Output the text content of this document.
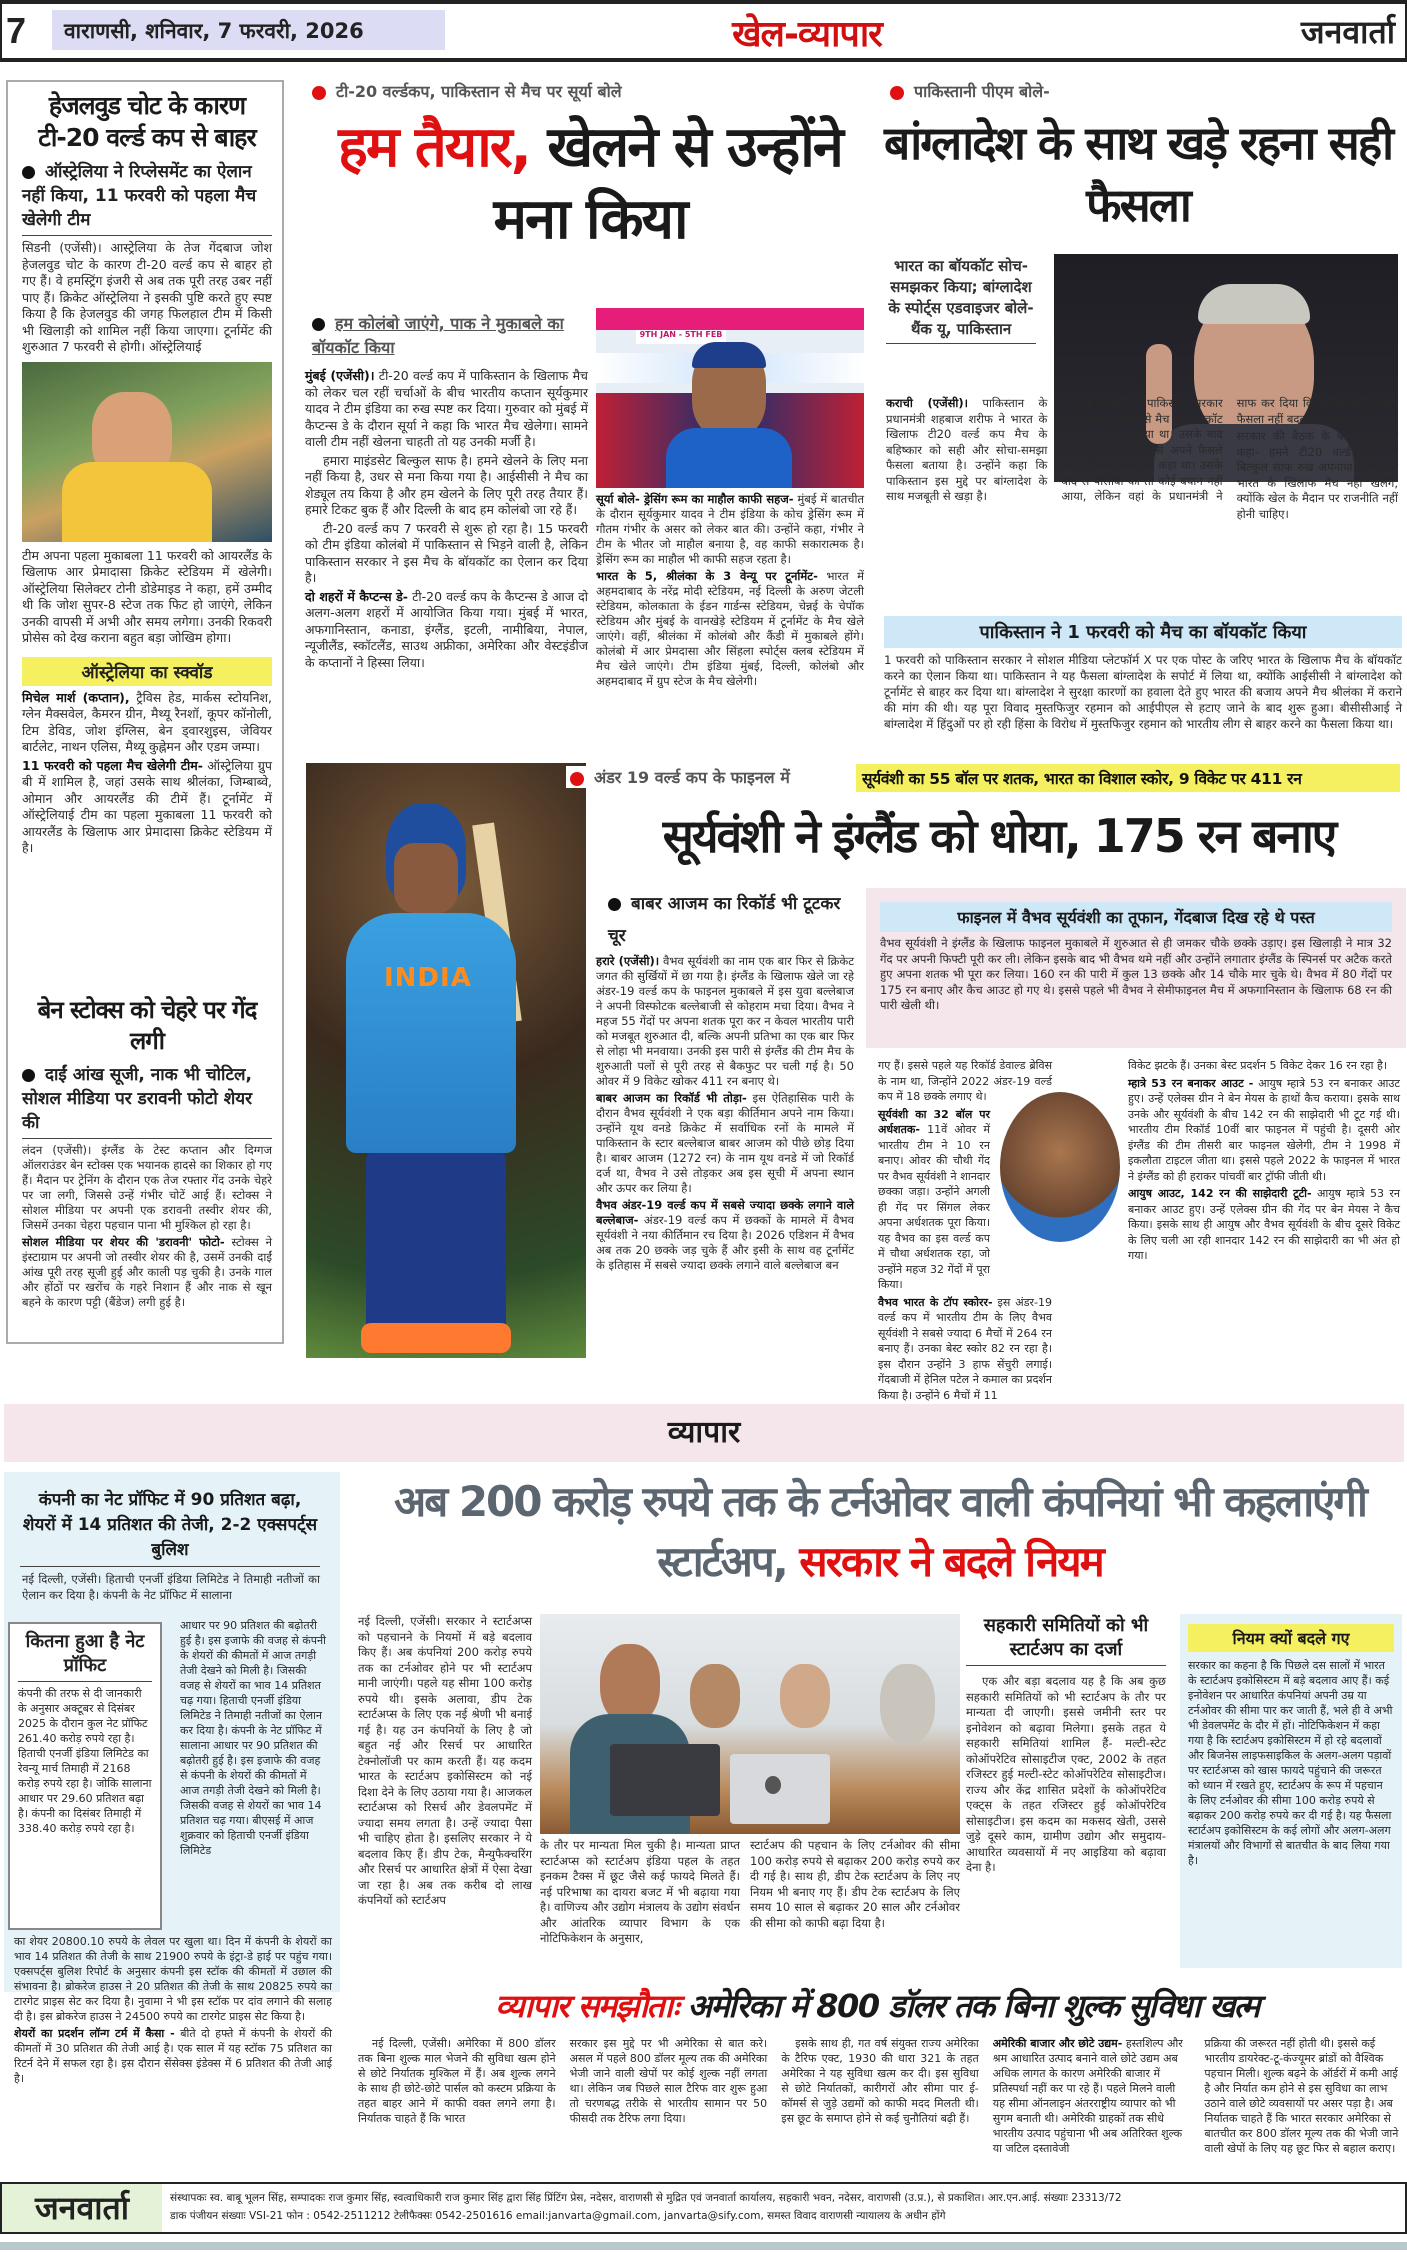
7	वाराणसी, शनिवार, 7 फरवरी, 2026	खेल-व्यापार	जनवार्ता
हेजलवुड चोट के कारण टी-20 वर्ल्ड कप से बाहर
ऑस्ट्रेलिया ने रिप्लेसमेंट का ऐलान नहीं किया, 11 फरवरी को पहला मैच खेलेगी टीम

सिडनी (एजेंसी)। आस्ट्रेलिया के तेज गेंदबाज जोश हेजलवुड चोट के कारण टी-20 वर्ल्ड कप से बाहर हो गए हैं। वे हमस्ट्रिंग इंजरी से अब तक पूरी तरह उबर नहीं पाए हैं। क्रिकेट ऑस्ट्रेलिया ने इसकी पुष्टि करते हुए स्पष्ट किया है कि हेजलवुड की जगह फिलहाल टीम में किसी भी खिलाड़ी को शामिल नहीं किया जाएगा। टूर्नामेंट की शुरुआत 7 फरवरी से होगी। ऑस्ट्रेलियाई

टीम अपना पहला मुकाबला 11 फरवरी को आयरलैंड के खिलाफ आर प्रेमादासा क्रिकेट स्टेडियम में खेलेगी। ऑस्ट्रेलिया सिलेक्टर टोनी डोडेमाइड ने कहा, हमें उम्मीद थी कि जोश सुपर-8 स्टेज तक फिट हो जाएंगे, लेकिन उनकी वापसी में अभी और समय लगेगा। उनकी रिकवरी प्रोसेस को देख कराना बहुत बड़ा जोखिम होगा।

ऑस्ट्रेलिया का स्क्वॉड

मिचेल मार्श (कप्तान), ट्रैविस हेड, मार्कस स्टोयनिश, ग्लेन मैक्सवेल, कैमरन ग्रीन, मैथ्यू रैनशॉ, कूपर कॉनोली, टिम डेविड, जोश इंग्लिस, बेन ड्वारशुइस, जेवियर बार्टलेट, नाथन एलिस, मैथ्यू कुह्नेमन और एडम जम्पा।

11 फरवरी को पहला मैच खेलेगी टीम- ऑस्ट्रेलिया ग्रुप बी में शामिल है, जहां उसके साथ श्रीलंका, जिम्बाब्वे, ओमान और आयरलैंड की टीमें हैं। टूर्नामेंट में ऑस्ट्रेलियाई टीम का पहला मुकाबला 11 फरवरी को आयरलैंड के खिलाफ आर प्रेमादासा क्रिकेट स्टेडियम में है।

बेन स्टोक्स को चेहरे पर गेंद लगी
दाईं आंख सूजी, नाक भी चोटिल, सोशल मीडिया पर डरावनी फोटो शेयर की

लंदन (एजेंसी)। इंग्लैंड के टेस्ट कप्तान और दिग्गज ऑलराउंडर बेन स्टोक्स एक भयानक हादसे का शिकार हो गए हैं। मैदान पर ट्रेनिंग के दौरान एक तेज रफ्तार गेंद उनके चेहरे पर जा लगी, जिससे उन्हें गंभीर चोटें आई हैं। स्टोक्स ने सोशल मीडिया पर अपनी एक डरावनी तस्वीर शेयर की, जिसमें उनका चेहरा पहचान पाना भी मुश्किल हो रहा है।

सोशल मीडिया पर शेयर की 'डरावनी' फोटो- स्टोक्स ने इंस्टाग्राम पर अपनी जो तस्वीर शेयर की है, उसमें उनकी दाईं आंख पूरी तरह सूजी हुई और काली पड़ चुकी है। उनके गाल और होंठों पर खरोंच के गहरे निशान हैं और नाक से खून बहने के कारण पट्टी (बैंडेज) लगी हुई है।

टी-20 वर्ल्डकप, पाकिस्तान से मैच पर सूर्या बोले
हम तैयार, खेलने से उन्होंने मना किया
हम कोलंबो जाएंगे, पाक ने मुकाबले का बॉयकॉट किया

मुंबई (एजेंसी)। टी-20 वर्ल्ड कप में पाकिस्तान के खिलाफ मैच को लेकर चल रहीं चर्चाओं के बीच भारतीय कप्तान सूर्यकुमार यादव ने टीम इंडिया का रुख स्पष्ट कर दिया। गुरुवार को मुंबई में कैप्टन्स डे के दौरान सूर्या ने कहा कि भारत मैच खेलेगा। सामने वाली टीम नहीं खेलना चाहती तो यह उनकी मर्जी है।

हमारा माइंडसेट बिल्कुल साफ है। हमने खेलने के लिए मना नहीं किया है, उधर से मना किया गया है। आईसीसी ने मैच का शेड्यूल तय किया है और हम खेलने के लिए पूरी तरह तैयार हैं। हमारे टिकट बुक हैं और दिल्ली के बाद हम कोलंबो जा रहे हैं।

टी-20 वर्ल्ड कप 7 फरवरी से शुरू हो रहा है। 15 फरवरी को टीम इंडिया कोलंबो में पाकिस्तान से भिड़ने वाली है, लेकिन पाकिस्तान सरकार ने इस मैच के बॉयकॉट का ऐलान कर दिया है।

दो शहरों में कैप्टन्स डे- टी-20 वर्ल्ड कप के कैप्टन्स डे आज दो अलग-अलग शहरों में आयोजित किया गया। मुंबई में भारत, अफगानिस्तान, कनाडा, इंग्लैंड, इटली, नामीबिया, नेपाल, न्यूजीलैंड, स्कॉटलैंड, साउथ अफ्रीका, अमेरिका और वेस्टइंडीज के कप्तानों ने हिस्सा लिया।

9TH JAN - 5TH FEB

सूर्या बोले- ड्रेसिंग रूम का माहौल काफी सहज- मुंबई में बातचीत के दौरान सूर्यकुमार यादव ने टीम इंडिया के कोच ड्रेसिंग रूम में गौतम गंभीर के असर को लेकर बात की। उन्होंने कहा, गंभीर ने टीम के भीतर जो माहौल बनाया है, वह काफी सकारात्मक है। ड्रेसिंग रूम का माहौल भी काफी सहज रहता है।

भारत के 5, श्रीलंका के 3 वेन्यू पर टूर्नामेंट- भारत में अहमदाबाद के नरेंद्र मोदी स्टेडियम, नई दिल्ली के अरुण जेटली स्टेडियम, कोलकाता के ईडन गार्डन्स स्टेडियम, चेन्नई के चेपॉक स्टेडियम और मुंबई के वानखेड़े स्टेडियम में टूर्नामेंट के मैच खेले जाएंगे। वहीं, श्रीलंका में कोलंबो और कैंडी में मुकाबले होंगे। कोलंबो में आर प्रेमदासा और सिंहला स्पोर्ट्स क्लब स्टेडियम में मैच खेले जाएंगे। टीम इंडिया मुंबई, दिल्ली, कोलंबो और अहमदाबाद में ग्रुप स्टेज के मैच खेलेगी।

पाकिस्तानी पीएम बोले-
बांग्लादेश के साथ खड़े रहना सही फैसला
भारत का बॉयकॉट सोच-समझकर किया; बांग्लादेश के स्पोर्ट्स एडवाइजर बोले- थैंक यू, पाकिस्तान

कराची (एजेंसी)। पाकिस्तान के प्रधानमंत्री शहबाज शरीफ ने भारत के खिलाफ टी20 वर्ल्ड कप मैच के बहिष्कार को सही और सोचा-समझा फैसला बताया है। उन्होंने कहा कि पाकिस्तान इस मुद्दे पर बांग्लादेश के साथ मजबूती से खड़ा है।

एक फरवरी को पाकिस्तान सरकार ने X पोस्ट में भारत से मैच का बॉयकॉट करने का ऐलान किया था। उसके बाद आईसीसी ने पीसीबी से अपने फैसले पर पुनर्विचार करने को कहा था। उसके बाद से पीसीबी का तो कोई बयान नहीं आया, लेकिन वहां के प्रधानमंत्री ने साफ कर दिया कि पाकिस्तानी सरकार फैसला नहीं बदलने वाली है।

सरकार की बैठक के बाद शरीफ ने कहा- हमने टी20 वर्ल्ड कप पर बिल्कुल साफ रुख अपनाया है कि हम भारत के खिलाफ मैच नहीं खेलेंगे, क्योंकि खेल के मैदान पर राजनीति नहीं होनी चाहिए।

पाकिस्तान ने 1 फरवरी को मैच का बॉयकॉट किया

1 फरवरी को पाकिस्तान सरकार ने सोशल मीडिया प्लेटफॉर्म X पर एक पोस्ट के जरिए भारत के खिलाफ मैच के बॉयकॉट करने का ऐलान किया था। पाकिस्तान ने यह फैसला बांग्लादेश के सपोर्ट में लिया था, क्योंकि आईसीसी ने बांग्लादेश को टूर्नामेंट से बाहर कर दिया था। बांग्लादेश ने सुरक्षा कारणों का हवाला देते हुए भारत की बजाय अपने मैच श्रीलंका में कराने की मांग की थी। यह पूरा विवाद मुस्तफिजुर रहमान को आईपीएल से हटाए जाने के बाद शुरू हुआ। बीसीसीआई ने बांग्लादेश में हिंदुओं पर हो रही हिंसा के विरोध में मुस्तफिजुर रहमान को भारतीय लीग से बाहर करने का फैसला किया था।

INDIA
अंडर 19 वर्ल्ड कप के फाइनल में	सूर्यवंशी का 55 बॉल पर शतक, भारत का विशाल स्कोर, 9 विकेट पर 411 रन
सूर्यवंशी ने इंग्लैंड को धोया, 175 रन बनाए
बाबर आजम का रिकॉर्ड भी टूटकर चूर

हरारे (एजेंसी)। वैभव सूर्यवंशी का नाम एक बार फिर से क्रिकेट जगत की सुर्खियों में छा गया है। इंग्लैंड के खिलाफ खेले जा रहे अंडर-19 वर्ल्ड कप के फाइनल मुकाबले में इस युवा बल्लेबाज ने अपनी विस्फोटक बल्लेबाजी से कोहराम मचा दिया। वैभव ने महज 55 गेंदों पर अपना शतक पूरा कर न केवल भारतीय पारी को मजबूत शुरुआत दी, बल्कि अपनी प्रतिभा का एक बार फिर से लोहा भी मनवाया। उनकी इस पारी से इंग्लैंड की टीम मैच के शुरुआती पलों से पूरी तरह से बैकफुट पर चली गई है। 50 ओवर में 9 विकेट खोकर 411 रन बनाए थे।

बाबर आजम का रिकॉर्ड भी तोड़ा- इस ऐतिहासिक पारी के दौरान वैभव सूर्यवंशी ने एक बड़ा कीर्तिमान अपने नाम किया। उन्होंने यूथ वनडे क्रिकेट में सर्वाधिक रनों के मामले में पाकिस्तान के स्टार बल्लेबाज बाबर आजम को पीछे छोड़ दिया है। बाबर आजम (1272 रन) के नाम यूथ वनडे में जो रिकॉर्ड दर्ज था, वैभव ने उसे तोड़कर अब इस सूची में अपना स्थान और ऊपर कर लिया है।

वैभव अंडर-19 वर्ल्ड कप में सबसे ज्यादा छक्के लगाने वाले बल्लेबाज- अंडर-19 वर्ल्ड कप में छक्कों के मामले में वैभव सूर्यवंशी ने नया कीर्तिमान रच दिया है। 2026 एडिशन में वैभव अब तक 20 छक्के जड़ चुके हैं और इसी के साथ वह टूर्नामेंट के इतिहास में सबसे ज्यादा छक्के लगाने वाले बल्लेबाज बन

फाइनल में वैभव सूर्यवंशी का तूफान, गेंदबाज दिख रहे थे पस्त

वैभव सूर्यवंशी ने इंग्लैंड के खिलाफ फाइनल मुकाबले में शुरुआत से ही जमकर चौके छक्के उड़ाए। इस खिलाड़ी ने मात्र 32 गेंद पर अपनी फिफ्टी पूरी कर ली। लेकिन इसके बाद भी वैभव थमे नहीं और उन्होंने लगातार इंग्लैंड के स्पिनर्स पर अटैक करते हुए अपना शतक भी पूरा कर लिया। 160 रन की पारी में कुल 13 छक्के और 14 चौके मार चुके थे। वैभव में 80 गेंदों पर 175 रन बनाए और कैच आउट हो गए थे। इससे पहले भी वैभव ने सेमीफाइनल मैच में अफगानिस्तान के खिलाफ 68 रन की पारी खेली थी।

गए हैं। इससे पहले यह रिकॉर्ड डेवाल्ड ब्रेविस के नाम था, जिन्होंने 2022 अंडर-19 वर्ल्ड कप में 18 छक्के लगाए थे।

सूर्यवंशी का 32 बॉल पर अर्धशतक- 11वें ओवर में भारतीय टीम ने 10 रन बनाए। ओवर की चौथी गेंद पर वैभव सूर्यवंशी ने शानदार छक्का जड़ा। उन्होंने अगली ही गेंद पर सिंगल लेकर अपना अर्धशतक पूरा किया। यह वैभव का इस वर्ल्ड कप में चौथा अर्धशतक रहा, जो उन्होंने महज 32 गेंदों में पूरा किया।

वैभव भारत के टॉप स्कोरर- इस अंडर-19 वर्ल्ड कप में भारतीय टीम के लिए वैभव सूर्यवंशी ने सबसे ज्यादा 6 मैचों में 264 रन बनाए हैं। उनका बेस्ट स्कोर 82 रन रहा है। इस दौरान उन्होंने 3 हाफ सेंचुरी लगाई। गेंदबाजी में हेनिल पटेल ने कमाल का प्रदर्शन किया है। उन्होंने 6 मैचों में 11

विकेट झटके हैं। उनका बेस्ट प्रदर्शन 5 विकेट देकर 16 रन रहा है।

म्हात्रे 53 रन बनाकर आउट - आयुष म्हात्रे 53 रन बनाकर आउट हुए। उन्हें एलेक्स ग्रीन ने बेन मेयस के हाथों कैच कराया। इसके साथ उनके और सूर्यवंशी के बीच 142 रन की साझेदारी भी टूट गई थी। भारतीय टीम रिकॉर्ड 10वीं बार फाइनल में पहुंची है। दूसरी ओर इंग्लैंड की टीम तीसरी बार फाइनल खेलेगी, टीम ने 1998 में इकलौता टाइटल जीता था। इससे पहले 2022 के फाइनल में भारत ने इंग्लैंड को ही हराकर पांचवीं बार ट्रॉफी जीती थी।

आयुष आउट, 142 रन की साझेदारी टूटी- आयुष म्हात्रे 53 रन बनाकर आउट हुए। उन्हें एलेक्स ग्रीन की गेंद पर बेन मेयस ने कैच किया। इसके साथ ही आयुष और वैभव सूर्यवंशी के बीच दूसरे विकेट के लिए चली आ रही शानदार 142 रन की साझेदारी का भी अंत हो गया।

व्यापार
अब 200 करोड़ रुपये तक के टर्नओवर वाली कंपनियां भी कहलाएंगी स्टार्टअप, सरकार ने बदले नियम
कंपनी का नेट प्रॉफिट में 90 प्रतिशत बढ़ा, शेयरों में 14 प्रतिशत की तेजी, 2-2 एक्सपर्ट्स बुलिश

नई दिल्ली, एजेंसी। हिताची एनर्जी इंडिया लिमिटेड ने तिमाही नतीजों का ऐलान कर दिया है। कंपनी के नेट प्रॉफिट में सालाना

कितना हुआ है नेट प्रॉफिट

कंपनी की तरफ से दी जानकारी के अनुसार अक्टूबर से दिसंबर 2025 के दौरान कुल नेट प्रॉफिट 261.40 करोड़ रुपये रहा है। हिताची एनर्जी इंडिया लिमिटेड का रेवन्यू मार्च तिमाही में 2168 करोड़ रुपये रहा है। जोकि सालाना आधार पर 29.60 प्रतिशत बढ़ा है। कंपनी का दिसंबर तिमाही में 338.40 करोड़ रुपये रहा है।

आधार पर 90 प्रतिशत की बढ़ोतरी हुई है। इस इजाफे की वजह से कंपनी के शेयरों की कीमतों में आज तगड़ी तेजी देखने को मिली है। जिसकी वजह से शेयरों का भाव 14 प्रतिशत चढ़ गया। हिताची एनर्जी इंडिया लिमिटेड ने तिमाही नतीजों का ऐलान कर दिया है। कंपनी के नेट प्रॉफिट में सालाना आधार पर 90 प्रतिशत की बढ़ोतरी हुई है। इस इजाफे की वजह से कंपनी के शेयरों की कीमतों में आज तगड़ी तेजी देखने को मिली है। जिसकी वजह से शेयरों का भाव 14 प्रतिशत चढ़ गया। बीएसई में आज शुक्रवार को हिताची एनर्जी इंडिया लिमिटेड

का शेयर 20800.10 रुपये के लेवल पर खुला था। दिन में कंपनी के शेयरों का भाव 14 प्रतिशत की तेजी के साथ 21900 रुपये के इंट्रा-डे हाई पर पहुंच गया। एक्सपर्ट्स बुलिश रिपोर्ट के अनुसार कंपनी इस स्टॉक की कीमतों में उछाल की संभावना है। ब्रोकरेज हाउस ने 20 प्रतिशत की तेजी के साथ 20825 रुपये का टारगेट प्राइस सेट कर दिया है। नुवामा ने भी इस स्टॉक पर दांव लगाने की सलाह दी है। इस ब्रोकरेज हाउस ने 24500 रुपये का टारगेट प्राइस सेट किया है।

शेयरों का प्रदर्शन लॉन्ग टर्म में कैसा - बीते दो हफ्ते में कंपनी के शेयरों की कीमतों में 30 प्रतिशत की तेजी आई है। एक साल में यह स्टॉक 75 प्रतिशत का रिटर्न देने में सफल रहा है। इस दौरान सेंसेक्स इंडेक्स में 6 प्रतिशत की तेजी आई है।

नई दिल्ली, एजेंसी। सरकार ने स्टार्टअप्स को पहचानने के नियमों में बड़े बदलाव किए हैं। अब कंपनियां 200 करोड़ रुपये तक का टर्नओवर होने पर भी स्टार्टअप मानी जाएंगी। पहले यह सीमा 100 करोड़ रुपये थी। इसके अलावा, डीप टेक स्टार्टअप्स के लिए एक नई श्रेणी भी बनाई गई है। यह उन कंपनियों के लिए है जो बहुत नई और रिसर्च पर आधारित टेक्नोलॉजी पर काम करती हैं। यह कदम भारत के स्टार्टअप इकोसिस्टम को नई दिशा देने के लिए उठाया गया है। आजकल स्टार्टअप्स को रिसर्च और डेवलपमेंट में ज्यादा समय लगता है। उन्हें ज्यादा पैसा भी चाहिए होता है। इसलिए सरकार ने ये बदलाव किए हैं। डीप टेक, मैन्युफैक्चरिंग और रिसर्च पर आधारित क्षेत्रों में ऐसा देखा जा रहा है। अब तक करीब दो लाख कंपनियों को स्टार्टअप

के तौर पर मान्यता मिल चुकी है। मान्यता प्राप्त स्टार्टअप्स को स्टार्टअप इंडिया पहल के तहत इनकम टैक्स में छूट जैसे कई फायदे मिलते हैं। नई परिभाषा का दायरा बजट में भी बढ़ाया गया है। वाणिज्य और उद्योग मंत्रालय के उद्योग संवर्धन और आंतरिक व्यापार विभाग के एक नोटिफिकेशन के अनुसार,

स्टार्टअप की पहचान के लिए टर्नओवर की सीमा 100 करोड़ रुपये से बढ़ाकर 200 करोड़ रुपये कर दी गई है। साथ ही, डीप टेक स्टार्टअप के लिए नए नियम भी बनाए गए हैं। डीप टेक स्टार्टअप के लिए समय 10 साल से बढ़ाकर 20 साल और टर्नओवर की सीमा को काफी बढ़ा दिया है।

सहकारी समितियों को भी स्टार्टअप का दर्जा

एक और बड़ा बदलाव यह है कि अब कुछ सहकारी समितियों को भी स्टार्टअप के तौर पर मान्यता दी जाएगी। इससे जमीनी स्तर पर इनोवेशन को बढ़ावा मिलेगा। इसके तहत ये सहकारी समितियां शामिल हैं- मल्टी-स्टेट कोऑपरेटिव सोसाइटीज एक्ट, 2002 के तहत रजिस्टर हुई मल्टी-स्टेट कोऑपरेटिव सोसाइटीज। राज्य और केंद्र शासित प्रदेशों के कोऑपरेटिव एक्ट्स के तहत रजिस्टर हुई कोऑपरेटिव सोसाइटीज। इस कदम का मकसद खेती, उससे जुड़े दूसरे काम, ग्रामीण उद्योग और समुदाय-आधारित व्यवसायों में नए आइडिया को बढ़ावा देना है।

नियम क्यों बदले गए

सरकार का कहना है कि पिछले दस सालों में भारत के स्टार्टअप इकोसिस्टम में बड़े बदलाव आए हैं। कई इनोवेशन पर आधारित कंपनियां अपनी उम्र या टर्नओवर की सीमा पार कर जाती हैं, भले ही वे अभी भी डेवलपमेंट के दौर में हों। नोटिफिकेशन में कहा गया है कि स्टार्टअप इकोसिस्टम में हो रहे बदलावों और बिजनेस लाइफसाइकिल के अलग-अलग पड़ावों पर स्टार्टअप्स को खास फायदे पहुंचाने की जरूरत को ध्यान में रखते हुए, स्टार्टअप के रूप में पहचान के लिए टर्नओवर की सीमा 100 करोड़ रुपये से बढ़ाकर 200 करोड़ रुपये कर दी गई है। यह फैसला स्टार्टअप इकोसिस्टम के कई लोगों और अलग-अलग मंत्रालयों और विभागों से बातचीत के बाद लिया गया है।

व्यापार समझौताः अमेरिका में 800 डॉलर तक बिना शुल्क सुविधा खत्म

नई दिल्ली, एजेंसी। अमेरिका में 800 डॉलर तक बिना शुल्क माल भेजने की सुविधा खत्म होने से छोटे निर्यातक मुश्किल में हैं। अब शुल्क लगने के साथ ही छोटे-छोटे पार्सल को कस्टम प्रक्रिया के तहत बाहर आने में काफी वक्त लगने लगा है। निर्यातक चाहते हैं कि भारत

सरकार इस मुद्दे पर भी अमेरिका से बात करे। असल में पहले 800 डॉलर मूल्य तक की अमेरिका भेजी जाने वाली खेपों पर कोई शुल्क नहीं लगता था। लेकिन जब पिछले साल टैरिफ वार शुरू हुआ तो चरणबद्ध तरीके से भारतीय सामान पर 50 फीसदी तक टैरिफ लगा दिया।

इसके साथ ही, गत वर्ष संयुक्त राज्य अमेरिका के टैरिफ एक्ट, 1930 की धारा 321 के तहत अमेरिका ने यह सुविधा खत्म कर दी। इस सुविधा से छोटे निर्यातकों, कारीगरों और सीमा पार ई-कॉमर्स से जुड़े उद्यमों को काफी मदद मिलती थी। इस छूट के समाप्त होने से कई चुनौतियां बढ़ी हैं।

अमेरिकी बाजार और छोटे उद्यम- हस्तशिल्प और श्रम आधारित उत्पाद बनाने वाले छोटे उद्यम अब अधिक लागत के कारण अमेरिकी बाजार में प्रतिस्पर्धा नहीं कर पा रहे हैं। पहले मिलने वाली यह सीमा ऑनलाइन अंतरराष्ट्रीय व्यापार को भी सुगम बनाती थी। अमेरिकी ग्राहकों तक सीधे भारतीय उत्पाद पहुंचाना भी अब अतिरिक्त शुल्क या जटिल दस्तावेजी

प्रक्रिया की जरूरत नहीं होती थी। इससे कई भारतीय डायरेक्ट-टू-कंज्यूमर ब्रांडों को वैश्विक पहचान मिली। शुल्क बढ़ने के ऑर्डरों में कमी आई है और निर्यात कम होने से इस सुविधा का लाभ उठाने वाले छोटे व्यवसायों पर असर पड़ा है। अब निर्यातक चाहते हैं कि भारत सरकार अमेरिका से बातचीत कर 800 डॉलर मूल्य तक की भेजी जाने वाली खेपों के लिए यह छूट फिर से बहाल कराए।

जनवार्ता	संस्थापकः स्व. बाबू भूलन सिंह, सम्पादकः राज कुमार सिंह, स्वत्वाधिकारी राज कुमार सिंह द्वारा सिंह प्रिंटिंग प्रेस, नदेसर, वाराणसी से मुद्रित एवं जनवार्ता कार्यालय, सहकारी भवन, नदेसर, वाराणसी (उ.प्र.), से प्रकाशित। आर.एन.आई. संख्याः 23313/72
डाक पंजीयन संख्याः VSI-21 फोन : 0542-2511212 टेलीफैक्सः 0542-2501616 email:janvarta@gmail.com, janvarta@sify.com, समस्त विवाद वाराणसी न्यायालय के अधीन होंगे
